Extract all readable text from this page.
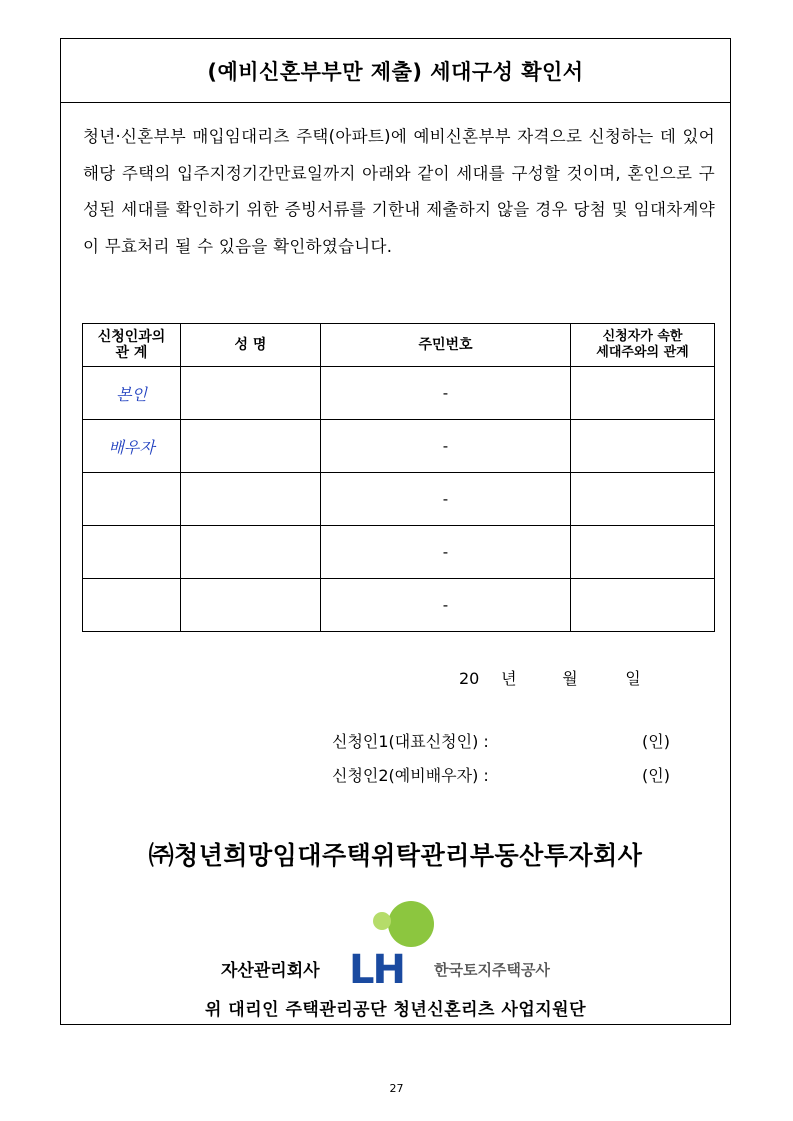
(예비신혼부부만 제출) 세대구성 확인서
청년·신혼부부 매입임대리츠 주택(아파트)에 예비신혼부부 자격으로 신청하는 데 있어 해당 주택의 입주지정기간만료일까지 아래와 같이 세대를 구성할 것이며, 혼인으로 구성된 세대를 확인하기 위한 증빙서류를 기한내 제출하지 않을 경우 당첨 및 임대차계약이 무효처리 될 수 있음을 확인하였습니다.
신청인과의
관 계	성 명	주민번호	신청자가 속한
세대주와의 관계
본인		-	
배우자		-	
		-	
		-	
		-	
20 년	월	일
신청인1(대표신청인) :	(인)
신청인2(예비배우자) :	(인)
㈜청년희망임대주택위탁관리부동산투자회사
자산관리회사 LH 한국토지주택공사
위 대리인 주택관리공단 청년신혼리츠 사업지원단
27
